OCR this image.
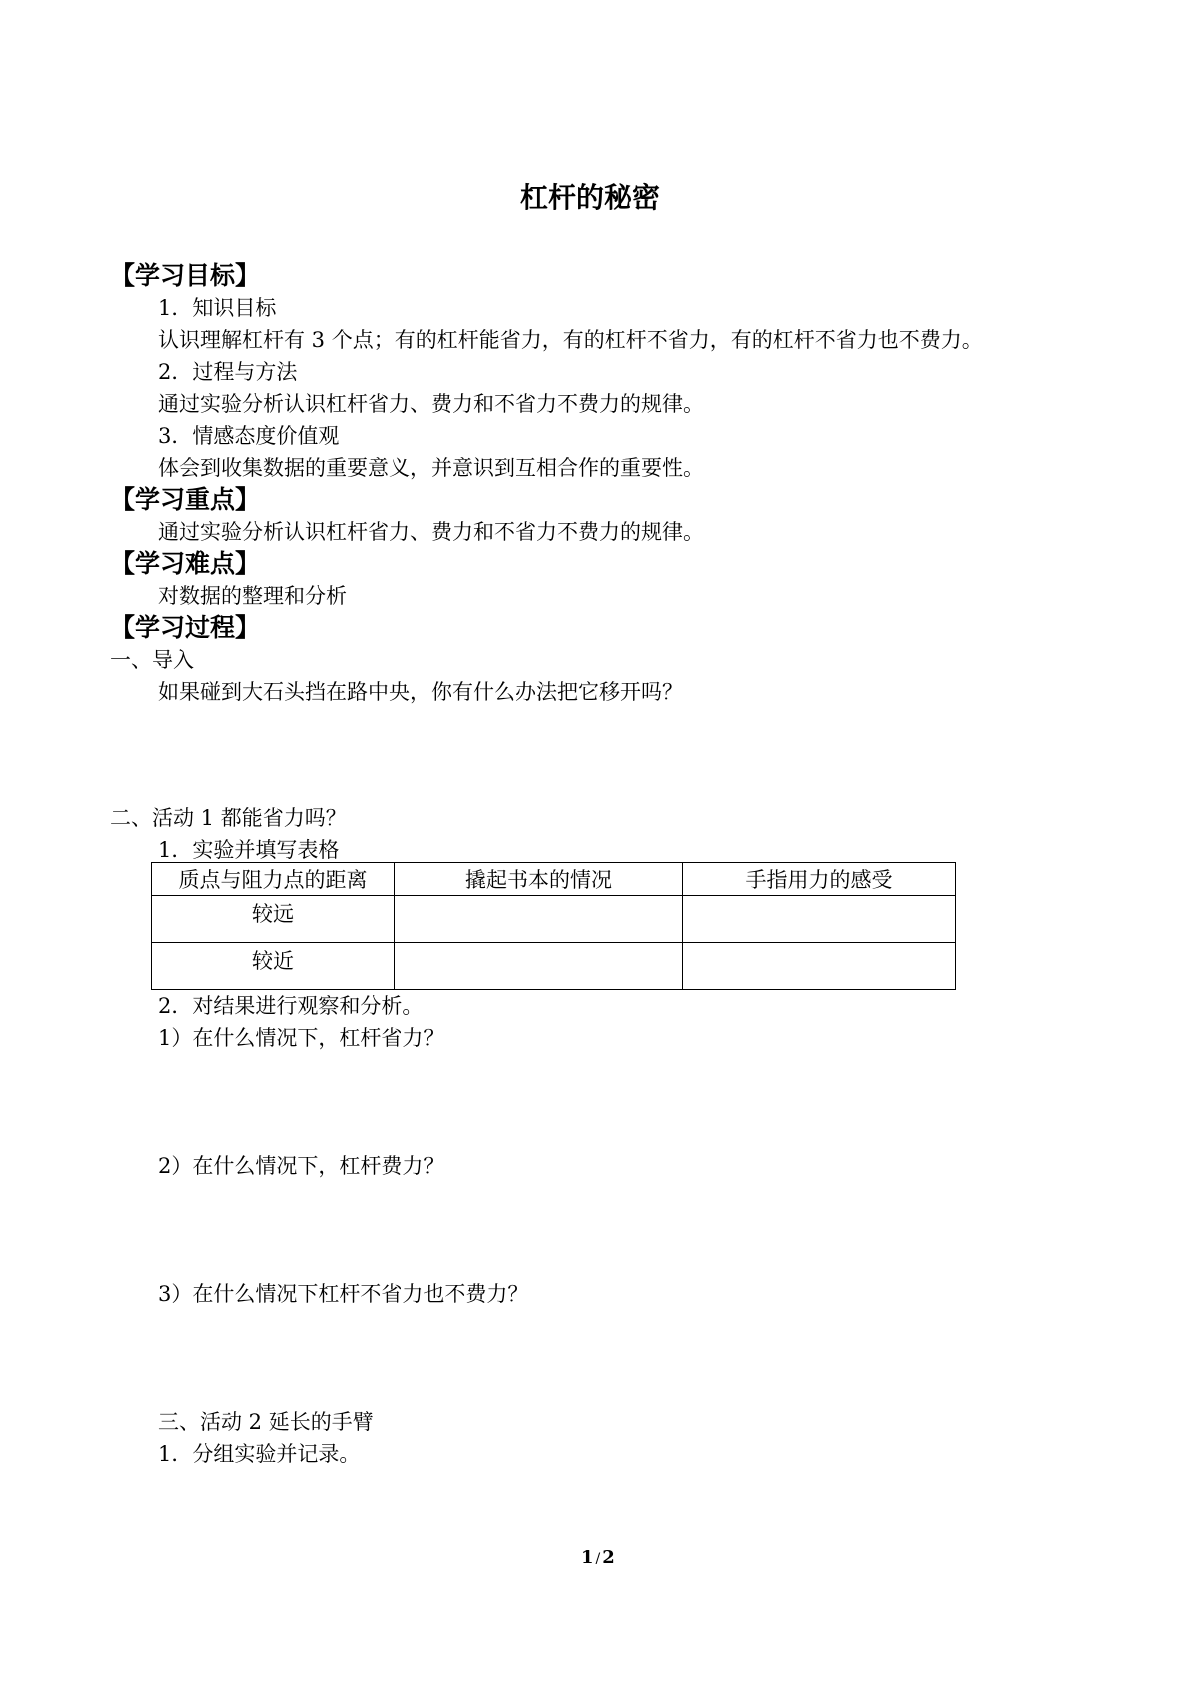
杠杆的秘密
【学习目标】
1．知识目标
认识理解杠杆有 3 个点；有的杠杆能省力，有的杠杆不省力，有的杠杆不省力也不费力。
2．过程与方法
通过实验分析认识杠杆省力、费力和不省力不费力的规律。
3．情感态度价值观
体会到收集数据的重要意义，并意识到互相合作的重要性。
【学习重点】
通过实验分析认识杠杆省力、费力和不省力不费力的规律。
【学习难点】
对数据的整理和分析
【学习过程】
一、导入
如果碰到大石头挡在路中央，你有什么办法把它移开吗？
二、活动 1 都能省力吗？
1．实验并填写表格
质点与阻力点的距离	撬起书本的情况	手指用力的感受
较远		
较近		
2．对结果进行观察和分析。
1）在什么情况下，杠杆省力？
2）在什么情况下，杠杆费力？
3）在什么情况下杠杆不省力也不费力？
三、活动 2 延长的手臂
1．分组实验并记录。
1 / 2
